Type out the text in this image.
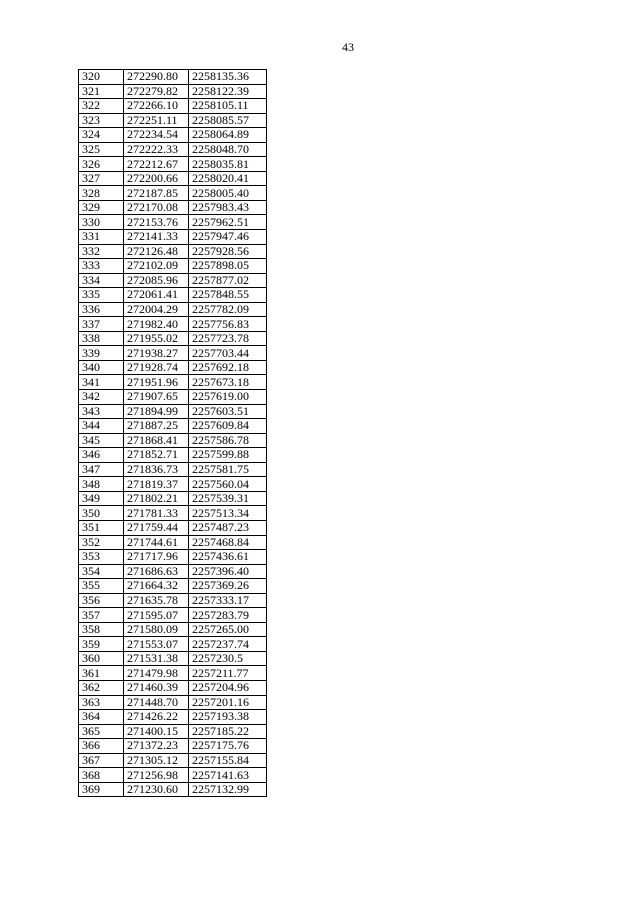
43
320	272290.80	2258135.36
321	272279.82	2258122.39
322	272266.10	2258105.11
323	272251.11	2258085.57
324	272234.54	2258064.89
325	272222.33	2258048.70
326	272212.67	2258035.81
327	272200.66	2258020.41
328	272187.85	2258005.40
329	272170.08	2257983.43
330	272153.76	2257962.51
331	272141.33	2257947.46
332	272126.48	2257928.56
333	272102.09	2257898.05
334	272085.96	2257877.02
335	272061.41	2257848.55
336	272004.29	2257782.09
337	271982.40	2257756.83
338	271955.02	2257723.78
339	271938.27	2257703.44
340	271928.74	2257692.18
341	271951.96	2257673.18
342	271907.65	2257619.00
343	271894.99	2257603.51
344	271887.25	2257609.84
345	271868.41	2257586.78
346	271852.71	2257599.88
347	271836.73	2257581.75
348	271819.37	2257560.04
349	271802.21	2257539.31
350	271781.33	2257513.34
351	271759.44	2257487.23
352	271744.61	2257468.84
353	271717.96	2257436.61
354	271686.63	2257396.40
355	271664.32	2257369.26
356	271635.78	2257333.17
357	271595.07	2257283.79
358	271580.09	2257265.00
359	271553.07	2257237.74
360	271531.38	2257230.5
361	271479.98	2257211.77
362	271460.39	2257204.96
363	271448.70	2257201.16
364	271426.22	2257193.38
365	271400.15	2257185.22
366	271372.23	2257175.76
367	271305.12	2257155.84
368	271256.98	2257141.63
369	271230.60	2257132.99
